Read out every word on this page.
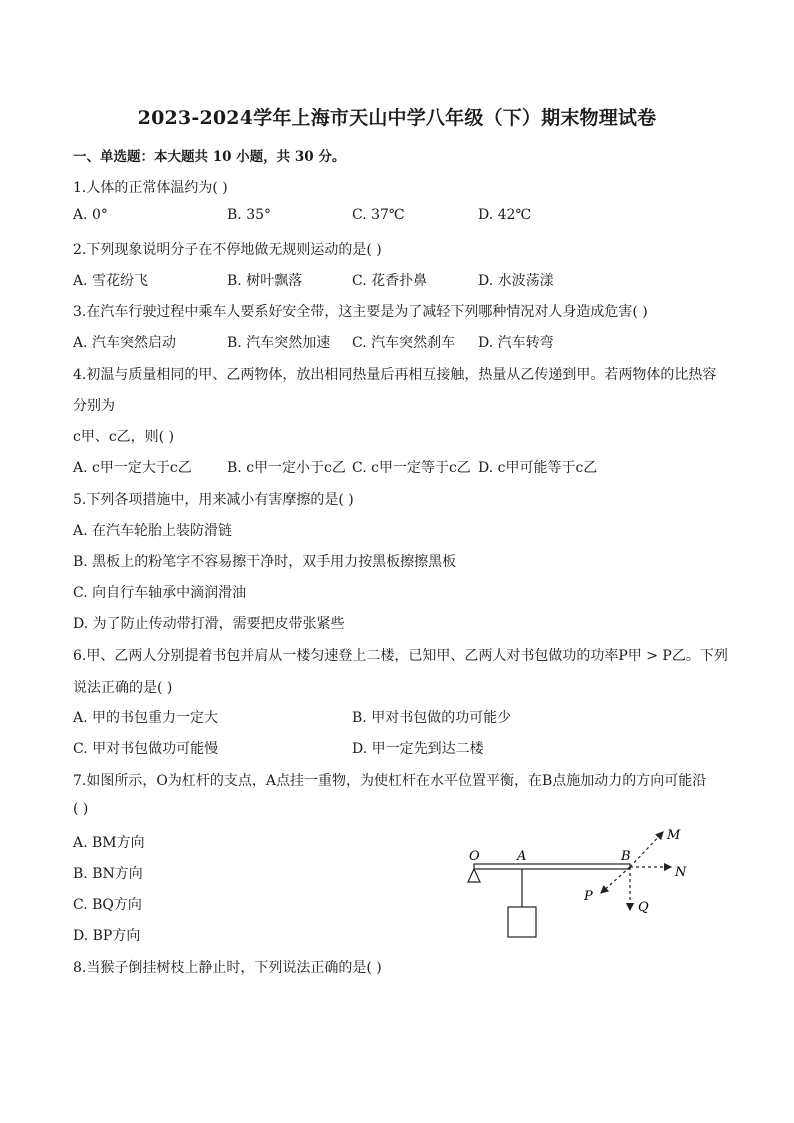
2023-2024学年上海市天山中学八年级（下）期末物理试卷
一、单选题：本大题共 10 小题，共 30 分。
1.人体的正常体温约为( )
A. 0°	B. 35°	C. 37℃	D. 42℃
2.下列现象说明分子在不停地做无规则运动的是( )
A. 雪花纷飞	B. 树叶飘落	C. 花香扑鼻	D. 水波荡漾
3.在汽车行驶过程中乘车人要系好安全带，这主要是为了减轻下列哪种情况对人身造成危害( )
A. 汽车突然启动	B. 汽车突然加速 C. 汽车突然刹车 D. 汽车转弯
4.初温与质量相同的甲、乙两物体，放出相同热量后再相互接触，热量从乙传递到甲。若两物体的比热容
分别为
c甲、c乙，则( )
A. c甲一定大于c乙	B. c甲一定小于c乙 C. c甲一定等于c乙 D. c甲可能等于c乙
5.下列各项措施中，用来减小有害摩擦的是( )
A. 在汽车轮胎上装防滑链
B. 黑板上的粉笔字不容易擦干净时，双手用力按黑板擦擦黑板
C. 向自行车轴承中滴润滑油
D. 为了防止传动带打滑，需要把皮带张紧些
6.甲、乙两人分别提着书包并肩从一楼匀速登上二楼，已知甲、乙两人对书包做功的功率P甲 > P乙。下列
说法正确的是( )
A. 甲的书包重力一定大	B. 甲对书包做的功可能少
C. 甲对书包做功可能慢	D. 甲一定先到达二楼
7.如图所示，O为杠杆的支点，A点挂一重物，为使杠杆在水平位置平衡，在B点施加动力的方向可能沿
( )
A. BM方向
B. BN方向
C. BQ方向
D. BP方向
O	A	B
M
N
P
Q
8.当猴子倒挂树枝上静止时，下列说法正确的是( )
